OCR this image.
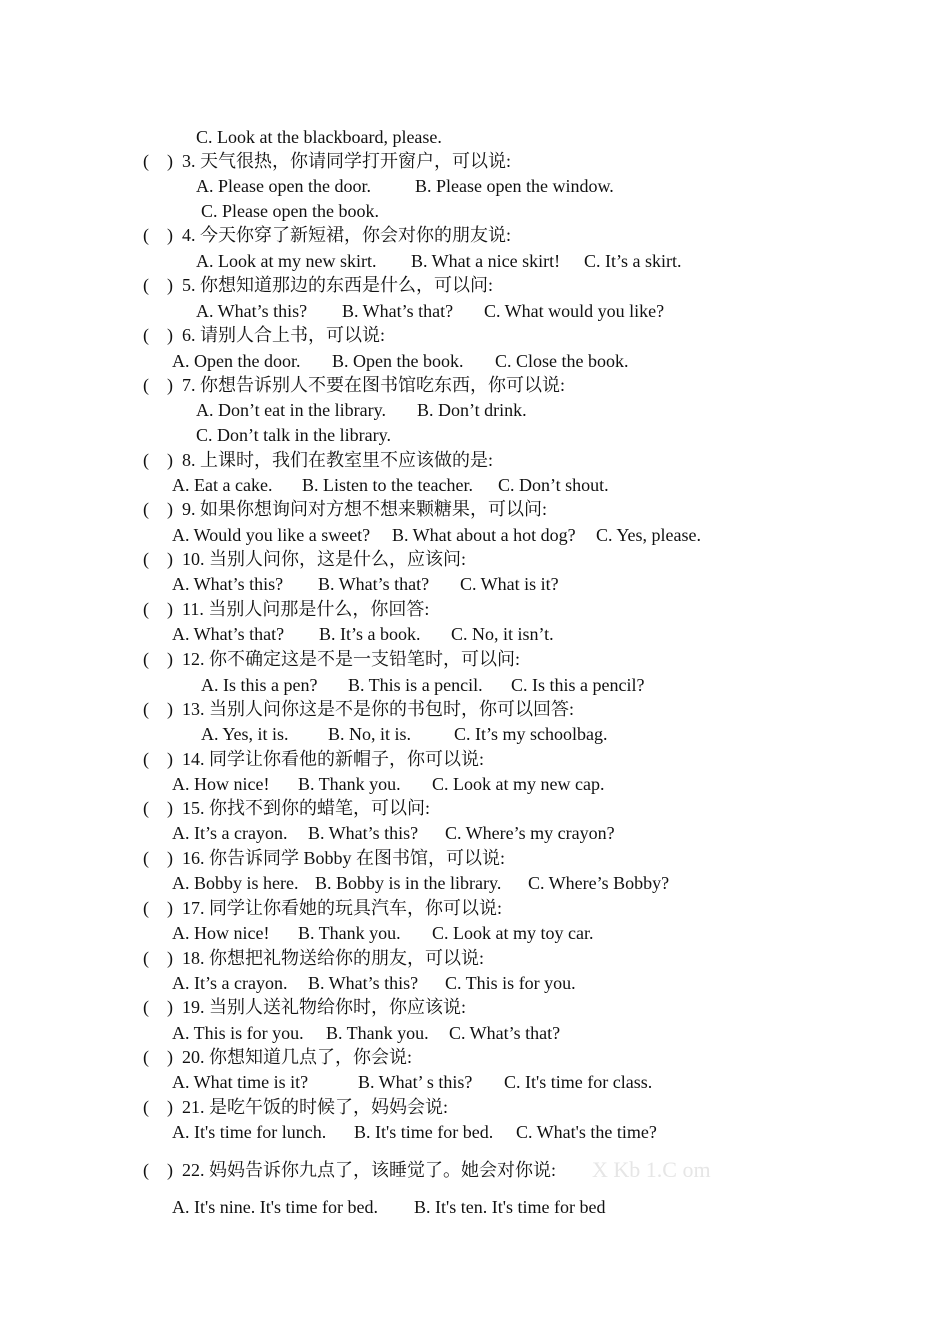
C. Look at the blackboard, please.
(    ) 3. 天气很热，你请同学打开窗户，可以说:
A. Please open the door. B. Please open the window.
C. Please open the book.
(    ) 4. 今天你穿了新短裙，你会对你的朋友说:
A. Look at my new skirt. B. What a nice skirt! C. It’s a skirt.
(    ) 5. 你想知道那边的东西是什么，可以问:
A. What’s this? B. What’s that? C. What would you like?
(    ) 6. 请别人合上书，可以说:
A. Open the door. B. Open the book. C. Close the book.
(    ) 7. 你想告诉别人不要在图书馆吃东西，你可以说:
A. Don’t eat in the library. B. Don’t drink.
C. Don’t talk in the library.
(    ) 8. 上课时，我们在教室里不应该做的是:
A. Eat a cake. B. Listen to the teacher. C. Don’t shout.
(    ) 9. 如果你想询问对方想不想来颗糖果，可以问:
A. Would you like a sweet? B. What about a hot dog? C. Yes, please.
(    ) 10. 当别人问你，这是什么，应该问:
A. What’s this? B. What’s that? C. What is it?
(    ) 11. 当别人问那是什么，你回答:
A. What’s that? B. It’s a book. C. No, it isn’t.
(    ) 12. 你不确定这是不是一支铅笔时，可以问:
A. Is this a pen? B. This is a pencil. C. Is this a pencil?
(    ) 13. 当别人问你这是不是你的书包时，你可以回答:
A. Yes, it is. B. No, it is. C. It’s my schoolbag.
(    ) 14. 同学让你看他的新帽子，你可以说:
A. How nice! B. Thank you. C. Look at my new cap.
(    ) 15. 你找不到你的蜡笔，可以问:
A. It’s a crayon. B. What’s this? C. Where’s my crayon?
(    ) 16. 你告诉同学 Bobby 在图书馆，可以说:
A. Bobby is here. B. Bobby is in the library. C. Where’s Bobby?
(    ) 17. 同学让你看她的玩具汽车，你可以说:
A. How nice! B. Thank you. C. Look at my toy car.
(    ) 18. 你想把礼物送给你的朋友，可以说:
A. It’s a crayon. B. What’s this? C. This is for you.
(    ) 19. 当别人送礼物给你时，你应该说:
A. This is for you. B. Thank you. C. What’s that?
(    ) 20. 你想知道几点了，你会说:
A. What time is it?	B. What’ s this? C. It's time for class.
(    ) 21. 是吃午饭的时候了，妈妈会说:
A. It's time for lunch. B. It's time for bed. C. What's the time?
(    ) 22. 妈妈告诉你九点了，该睡觉了。她会对你说:
A. It's nine. It's time for bed. B. It's ten. It's time for bed
X Kb 1.C om
